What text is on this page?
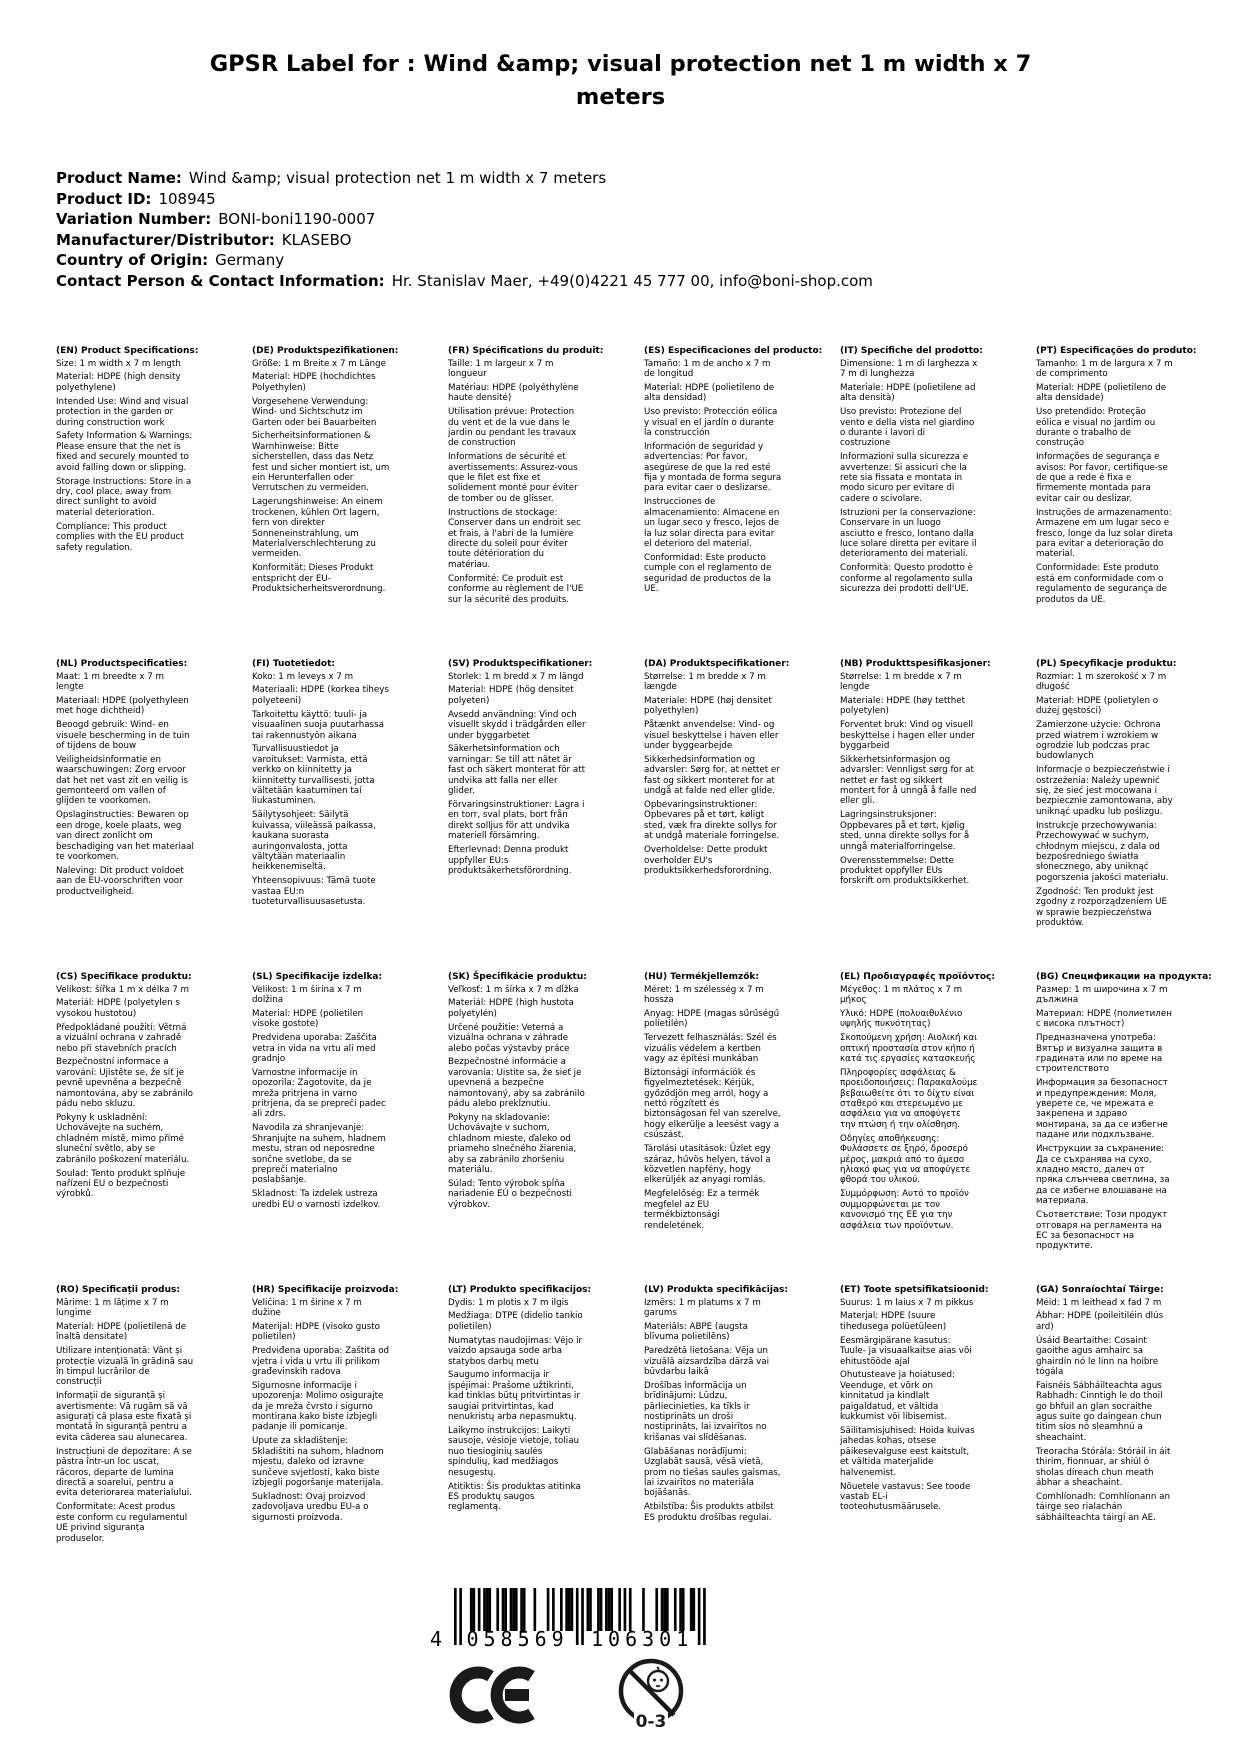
GPSR Label for : Wind &amp; visual protection net 1 m width x 7 meters
Product Name: Wind &amp; visual protection net 1 m width x 7 meters
Product ID: 108945
Variation Number: BONI-boni1190-0007
Manufacturer/Distributor: KLASEBO
Country of Origin: Germany
Contact Person & Contact Information: Hr. Stanislav Maer, +49(0)4221 45 777 00, info@boni-shop.com
(EN) Product Specifications:

Size: 1 m width x 7 m length

Material: HDPE (high density polyethylene)

Intended Use: Wind and visual protection in the garden or during construction work

Safety Information & Warnings: Please ensure that the net is fixed and securely mounted to avoid falling down or slipping.

Storage Instructions: Store in a dry, cool place, away from direct sunlight to avoid material deterioration.

Compliance: This product complies with the EU product safety regulation.

(DE) Produktspezifikationen:

Größe: 1 m Breite x 7 m Länge

Material: HDPE (hochdichtes Polyethylen)

Vorgesehene Verwendung: Wind- und Sichtschutz im Garten oder bei Bauarbeiten

Sicherheitsinformationen & Warnhinweise: Bitte sicherstellen, dass das Netz fest und sicher montiert ist, um ein Herunterfallen oder Verrutschen zu vermeiden.

Lagerungshinweise: An einem trockenen, kühlen Ort lagern, fern von direkter Sonneneinstrahlung, um Materialverschlechterung zu vermeiden.

Konformität: Dieses Produkt entspricht der EU-Produktsicherheitsverordnung.

(FR) Spécifications du produit:

Taille: 1 m largeur x 7 m longueur

Matériau: HDPE (polyéthylène haute densité)

Utilisation prévue: Protection du vent et de la vue dans le jardin ou pendant les travaux de construction

Informations de sécurité et avertissements: Assurez-vous que le filet est fixe et solidement monté pour éviter de tomber ou de glisser.

Instructions de stockage: Conserver dans un endroit sec et frais, à l'abri de la lumière directe du soleil pour éviter toute détérioration du matériau.

Conformité: Ce produit est conforme au règlement de l'UE sur la sécurité des produits.

(ES) Especificaciones del producto:

Tamaño: 1 m de ancho x 7 m de longitud

Material: HDPE (polietileno de alta densidad)

Uso previsto: Protección eólica y visual en el jardín o durante la construcción

Información de seguridad y advertencias: Por favor, asegúrese de que la red esté fija y montada de forma segura para evitar caer o deslizarse.

Instrucciones de almacenamiento: Almacene en un lugar seco y fresco, lejos de la luz solar directa para evitar el deterioro del material.

Conformidad: Este producto cumple con el reglamento de seguridad de productos de la UE.

(IT) Specifiche del prodotto:

Dimensione: 1 m di larghezza x 7 m di lunghezza

Materiale: HDPE (polietilene ad alta densità)

Uso previsto: Protezione del vento e della vista nel giardino o durante i lavori di costruzione

Informazioni sulla sicurezza e avvertenze: Si assicuri che la rete sia fissata e montata in modo sicuro per evitare di cadere o scivolare.

Istruzioni per la conservazione: Conservare in un luogo asciutto e fresco, lontano dalla luce solare diretta per evitare il deterioramento dei materiali.

Conformità: Questo prodotto è conforme al regolamento sulla sicurezza dei prodotti dell'UE.

(PT) Especificações do produto:

Tamanho: 1 m de largura x 7 m de comprimento

Material: HDPE (polietileno de alta densidade)

Uso pretendido: Proteção eólica e visual no jardim ou durante o trabalho de construção

Informações de segurança e avisos: Por favor, certifique-se de que a rede é fixa e firmemente montada para evitar cair ou deslizar.

Instruções de armazenamento: Armazene em um lugar seco e fresco, longe da luz solar direta para evitar a deterioração do material.

Conformidade: Este produto está em conformidade com o regulamento de segurança de produtos da UE.

(NL) Productspecificaties:

Maat: 1 m breedte x 7 m lengte

Materiaal: HDPE (polyethyleen met hoge dichtheid)

Beoogd gebruik: Wind- en visuele bescherming in de tuin of tijdens de bouw

Veiligheidsinformatie en waarschuwingen: Zorg ervoor dat het net vast zit en veilig is gemonteerd om vallen of glijden te voorkomen.

Opslaginstructies: Bewaren op een droge, koele plaats, weg van direct zonlicht om beschadiging van het materiaal te voorkomen.

Naleving: Dit product voldoet aan de EU-voorschriften voor productveiligheid.

(FI) Tuotetiedot:

Koko: 1 m leveys x 7 m

Materiaali: HDPE (korkea tiheys polyeteeni)

Tarkoitettu käyttö: tuuli- ja visuaalinen suoja puutarhassa tai rakennustyön aikana

Turvallisuustiedot ja varoitukset: Varmista, että verkko on kiinnitetty ja kiinnitetty turvallisesti, jotta vältetään kaatuminen tai liukastuminen.

Säilytysohjeet: Säilytä kuivassa, viileässä paikassa, kaukana suorasta auringonvalosta, jotta vältytään materiaalin heikkenemiseltä.

Yhteensopivuus: Tämä tuote vastaa EU:n tuoteturvallisuusasetusta.

(SV) Produktspecifikationer:

Storlek: 1 m bredd x 7 m längd

Material: HDPE (hög densitet polyeten)

Avsedd användning: Vind och visuellt skydd i trädgården eller under byggarbetet

Säkerhetsinformation och varningar: Se till att nätet är fast och säkert monterat för att undvika att falla ner eller glider.

Förvaringsinstruktioner: Lagra i en torr, sval plats, bort från direkt solljus för att undvika materiell försämring.

Efterlevnad: Denna produkt uppfyller EU:s produktsäkerhetsförordning.

(DA) Produktspecifikationer:

Størrelse: 1 m bredde x 7 m længde

Materiale: HDPE (høj densitet polyethylen)

Påtænkt anvendelse: Vind- og visuel beskyttelse i haven eller under byggearbejde

Sikkerhedsinformation og advarsler: Sørg for, at nettet er fast og sikkert monteret for at undgå at falde ned eller glide.

Opbevaringsinstruktioner: Opbevares på et tørt, køligt sted, væk fra direkte sollys for at undgå materiale forringelse.

Overholdelse: Dette produkt overholder EU's produktsikkerhedsforordning.

(NB) Produkttspesifikasjoner:

Størrelse: 1 m bredde x 7 m lengde

Materiale: HDPE (høy tetthet polyetylen)

Forventet bruk: Vind og visuell beskyttelse i hagen eller under byggarbeid

Sikkerhetsinformasjon og advarsler: Vennligst sørg for at nettet er fast og sikkert montert for å unngå å falle ned eller gli.

Lagringsinstruksjoner: Oppbevares på et tørt, kjølig sted, unna direkte sollys for å unngå materialforringelse.

Overensstemmelse: Dette produktet oppfyller EUs forskrift om produktsikkerhet.

(PL) Specyfikacje produktu:

Rozmiar: 1 m szerokość x 7 m długość

Materiał: HDPE (polietylen o dużej gęstości)

Zamierzone użycie: Ochrona przed wiatrem i wzrokiem w ogrodzie lub podczas prac budowlanych

Informacje o bezpieczeństwie i ostrzeżenia: Należy upewnić się, że sieć jest mocowana i bezpiecznie zamontowana, aby uniknąć upadku lub poślizgu.

Instrukcje przechowywania: Przechowywać w suchym, chłodnym miejscu, z dala od bezpośredniego światła słonecznego, aby uniknąć pogorszenia jakości materiału.

Zgodność: Ten produkt jest zgodny z rozporządzeniem UE w sprawie bezpieczeństwa produktów.

(CS) Specifikace produktu:

Velikost: šířka 1 m x délka 7 m

Materiál: HDPE (polyetylen s vysokou hustotou)

Předpokládané použití: Větrná a vizuální ochrana v zahradě nebo při stavebních pracích

Bezpečnostní informace a varování: Ujistěte se, že síť je pevně upevněna a bezpečně namontována, aby se zabránilo pádu nebo skluzu.

Pokyny k uskladnění: Uchovávejte na suchém, chladném místě, mimo přímé sluneční světlo, aby se zabránilo poškození materiálu.

Soulad: Tento produkt splňuje nařízení EU o bezpečnosti výrobků.

(SL) Specifikacije izdelka:

Velikost: 1 m širina x 7 m dolžina

Material: HDPE (polietilen visoke gostote)

Predvidena uporaba: Zaščita vetra in vida na vrtu ali med gradnjo

Varnostne informacije in opozorila: Zagotovite, da je mreža pritrjena in varno pritrjena, da se prepreči padec ali zdrs.

Navodila za shranjevanje: Shranjujte na suhem, hladnem mestu, stran od neposredne sončne svetlobe, da se prepreči materialno poslabšanje.

Skladnost: Ta izdelek ustreza uredbi EU o varnosti izdelkov.

(SK) Špecifikácie produktu:

Veľkosť: 1 m šírka x 7 m dĺžka

Materiál: HDPE (high hustota polyetylén)

Určené použitie: Veterná a vizuálna ochrana v záhrade alebo počas výstavby práce

Bezpečnostné informácie a varovania: Uistite sa, že sieť je upevnená a bezpečne namontovaný, aby sa zabránilo pádu alebo prekĺznutiu.

Pokyny na skladovanie: Uchovávajte v suchom, chladnom mieste, ďaleko od priameho slnečného žiarenia, aby sa zabránilo zhoršeniu materiálu.

Súlad: Tento výrobok spĺňa nariadenie EÚ o bezpečnosti výrobkov.

(HU) Termékjellemzők:

Méret: 1 m szélesség x 7 m hossza

Anyag: HDPE (magas sűrűségű polietilén)

Tervezett felhasználás: Szél és vizuális védelem a kertben vagy az építési munkában

Biztonsági információk és figyelmeztetések: Kérjük, győződjön meg arról, hogy a nettó rögzített és biztonságosan fel van szerelve, hogy elkerülje a leesést vagy a csúszást.

Tárolási utasítások: Üzlet egy száraz, hűvös helyen, távol a közvetlen napfény, hogy elkerüljék az anyagi romlás.

Megfelelőség: Ez a termék megfelel az EU termékbiztonsági rendeletének.

(EL) Προδιαγραφές προϊόντος:

Μέγεθος: 1 m πλάτος x 7 m μήκος

Υλικό: HDPE (πολυαιθυλένιο υψηλής πυκνότητας)

Σκοπούμενη χρήση: Αιολική και οπτική προστασία στον κήπο ή κατά τις εργασίες κατασκευής

Πληροφορίες ασφάλειας & προειδοποιήσεις: Παρακαλούμε βεβαιωθείτε ότι το δίχτυ είναι σταθερό και στερεωμένο με ασφάλεια για να αποφύγετε την πτώση ή την ολίσθηση.

Οδηγίες αποθήκευσης: Φυλάσσετε σε ξηρό, δροσερό μέρος, μακριά από το άμεσο ηλιακό φως για να αποφύγετε φθορά του υλικού.

Συμμόρφωση: Αυτό το προϊόν συμμορφώνεται με τον κανονισμό της ΕΕ για την ασφάλεια των προϊόντων.

(BG) Спецификации на продукта:

Размер: 1 m широчина x 7 m дължина

Материал: HDPE (полиетилен с висока плътност)

Предназначена употреба: Вятър и визуална защита в градината или по време на строителството

Информация за безопасност и предупреждения: Моля, уверете се, че мрежата е закрепена и здраво монтирана, за да се избегне падане или подхлъзване.

Инструкции за съхранение: Да се съхранява на сухо, хладно място, далеч от пряка слънчева светлина, за да се избегне влошаване на материала.

Съответствие: Този продукт отговаря на регламента на ЕС за безопасност на продуктите.

(RO) Specificații produs:

Mărime: 1 m lățime x 7 m lungime

Material: HDPE (polietilenă de înaltă densitate)

Utilizare intenționată: Vânt și protecție vizuală în grădină sau în timpul lucrărilor de construcții

Informații de siguranță și avertismente: Vă rugăm să vă asigurați că plasa este fixată și montată în siguranță pentru a evita căderea sau alunecarea.

Instrucțiuni de depozitare: A se păstra într-un loc uscat, răcoros, departe de lumina directă a soarelui, pentru a evita deteriorarea materialului.

Conformitate: Acest produs este conform cu regulamentul UE privind siguranța produselor.

(HR) Specifikacije proizvoda:

Veličina: 1 m širine x 7 m dužine

Materijal: HDPE (visoko gusto polietilen)

Predviđena uporaba: Zaštita od vjetra i vida u vrtu ili prilikom građevinskih radova

Sigurnosne informacije i upozorenja: Molimo osigurajte da je mreža čvrsto i sigurno montirana kako biste izbjegli padanje ili pomicanje.

Upute za skladištenje: Skladištiti na suhom, hladnom mjestu, daleko od izravne sunčeve svjetlosti, kako biste izbjegli pogoršanje materijala.

Sukladnost: Ovaj proizvod zadovoljava uredbu EU-a o sigurnosti proizvoda.

(LT) Produkto specifikacijos:

Dydis: 1 m plotis x 7 m ilgis

Medžiaga: DTPE (didelio tankio polietilen)

Numatytas naudojimas: Vėjo ir vaizdo apsauga sode arba statybos darbų metu

Saugumo informacija ir įspėjimai: Prašome užtikrinti, kad tinklas būtų pritvirtintas ir saugiai pritvirtintas, kad nenukristų arba nepasmuktų.

Laikymo instrukcijos: Laikyti sausoje, vėsioje vietoje, toliau nuo tiesioginių saulės spindulių, kad medžiagos nesugestų.

Atitiktis: Šis produktas atitinka ES produktų saugos reglamentą.

(LV) Produkta specifikācijas:

Izmērs: 1 m platums x 7 m garums

Materiāls: ABPE (augsta blīvuma polietilēns)

Paredzētā lietošana: Vēja un vizuālā aizsardzība dārzā vai būvdarbu laikā

Drošības informācija un brīdinājumi: Lūdzu, pārliecinieties, ka tīkls ir nostiprināts un droši nostiprināts, lai izvairītos no krišanas vai slīdēšanas.

Glabāšanas norādījumi: Uzglabāt sausā, vēsā vietā, prom no tiešas saules gaismas, lai izvairītos no materiāla bojāšanās.

Atbilstība: Šis produkts atbilst ES produktu drošības regulai.

(ET) Toote spetsifikatsioonid:

Suurus: 1 m laius x 7 m pikkus

Materjal: HDPE (suure tihedusega polüetüleen)

Eesmärgipärane kasutus: Tuule- ja visuaalkaitse aias või ehitustööde ajal

Ohutusteave ja hoiatused: Veenduge, et võrk on kinnitatud ja kindlalt paigaldatud, et vältida kukkumist või libisemist.

Säilitamisjuhised: Hoida kuivas jahedas kohas, otsese päikesevalguse eest kaitstult, et vältida materjalide halvenemist.

Nõuetele vastavus: See toode vastab EL-i tooteohutusmäärusele.

(GA) Sonraíochtaí Táirge:

Méid: 1 m leithead x fad 7 m

Ábhar: HDPE (poileitiléin dlús ard)

Úsáid Beartaithe: Cosaint gaoithe agus amhairc sa ghairdín nó le linn na hoibre tógála

Faisnéis Sábháilteachta agus Rabhadh: Cinntigh le do thoil go bhfuil an glan socraithe agus suite go daingean chun titim síos nó sleamhnú a sheachaint.

Treoracha Stórála: Stóráil in áit thirim, fionnuar, ar shiúl ó sholas díreach chun meath ábhar a sheachaint.

Comhlíonadh: Comhlíonann an táirge seo rialachán sábháilteachta táirgí an AE.

4 058569 106301
0-3
